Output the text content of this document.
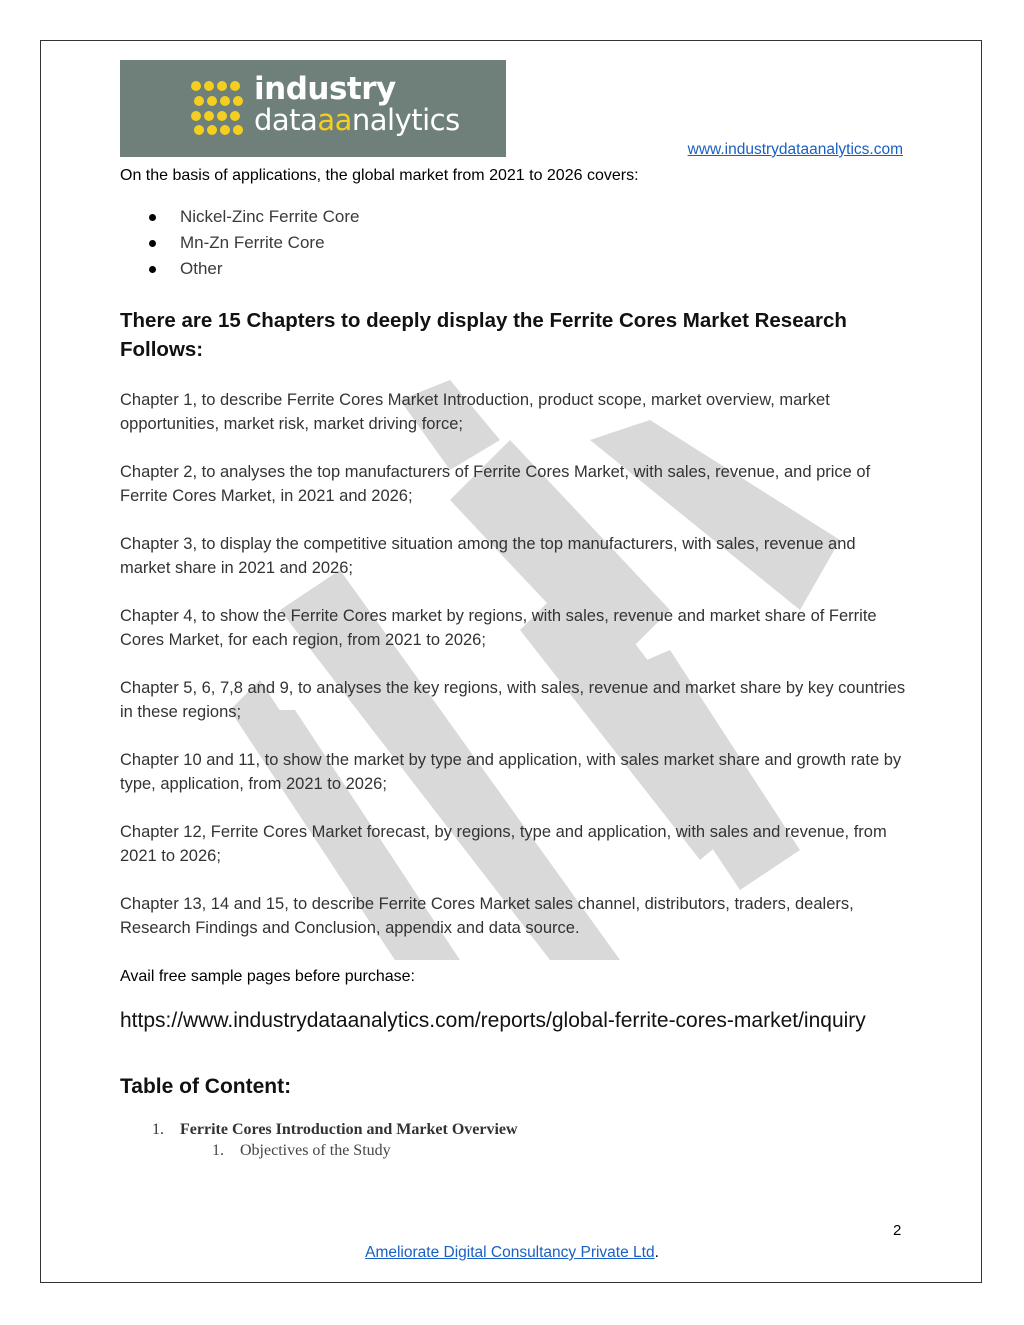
industry
dataaanalytics
www.industrydataanalytics.com

On the basis of applications, the global market from 2021 to 2026 covers:

Nickel-Zinc Ferrite Core
Mn-Zn Ferrite Core
Other
There are 15 Chapters to deeply display the Ferrite Cores Market Research Follows:

Chapter 1, to describe Ferrite Cores Market Introduction, product scope, market overview, market opportunities, market risk, market driving force;

Chapter 2, to analyses the top manufacturers of Ferrite Cores Market, with sales, revenue, and price of Ferrite Cores Market, in 2021 and 2026;

Chapter 3, to display the competitive situation among the top manufacturers, with sales, revenue and market share in 2021 and 2026;

Chapter 4, to show the Ferrite Cores market by regions, with sales, revenue and market share of Ferrite Cores Market, for each region, from 2021 to 2026;

Chapter 5, 6, 7,8 and 9, to analyses the key regions, with sales, revenue and market share by key countries in these regions;

Chapter 10 and 11, to show the market by type and application, with sales market share and growth rate by type, application, from 2021 to 2026;

Chapter 12, Ferrite Cores Market forecast, by regions, type and application, with sales and revenue, from 2021 to 2026;

Chapter 13, 14 and 15, to describe Ferrite Cores Market sales channel, distributors, traders, dealers, Research Findings and Conclusion, appendix and data source.

Avail free sample pages before purchase:

https://www.industrydataanalytics.com/reports/global-ferrite-cores-market/inquiry

Table of Content:
1. Ferrite Cores Introduction and Market Overview
1. Objectives of the Study
2
Ameliorate Digital Consultancy Private Ltd.
